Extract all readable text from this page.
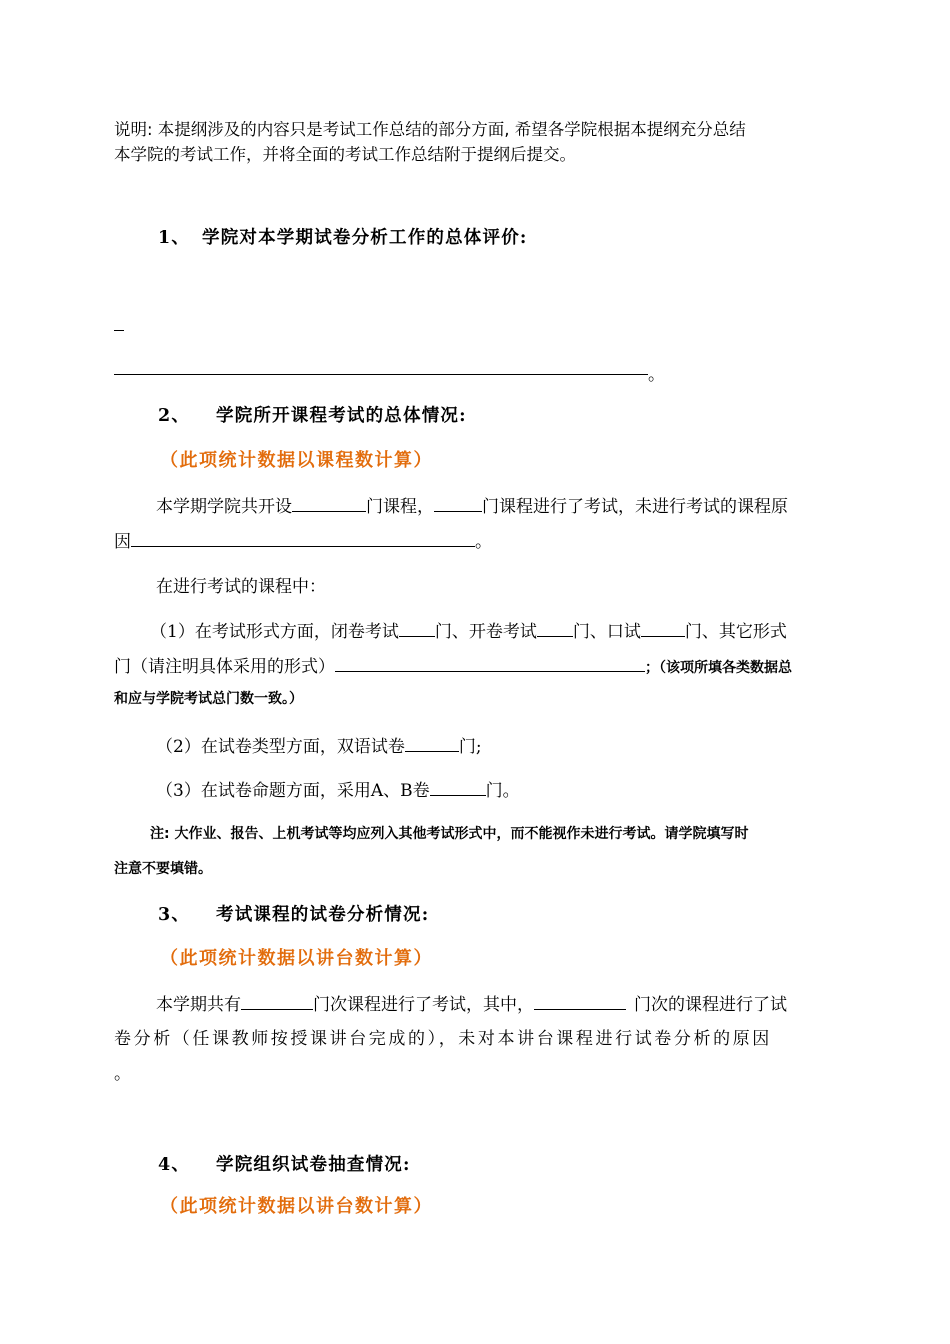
说明: 本提纲涉及的内容只是考试工作总结的部分方面, 希望各学院根据本提纲充分总结
本学院的考试工作，并将全面的考试工作总结附于提纲后提交。
1、 学院对本学期试卷分析工作的总体评价:
。
2、 学院所开课程考试的总体情况:
（此项统计数据以课程数计算）
本学期学院共开设	门课程，	门课程进行了考试，未进行考试的课程原
因	。
在进行考试的课程中：
（1）在考试形式方面，闭卷考试 门、开卷考试 门、口试	门、其它形式
门（请注明具体采用的形式）	；（该项所填各类数据总
和应与学院考试总门数一致。）
（2）在试卷类型方面，双语试卷	门;
（3）在试卷命题方面，采用A、B卷	门。
注: 大作业、报告、上机考试等均应列入其他考试形式中，而不能视作未进行考试。请学院填写时
注意不要填错。
3、 考试课程的试卷分析情况:
（此项统计数据以讲台数计算）
本学期共有	门次课程进行了考试，其中，	门次的课程进行了试
卷分析（任课教师按授课讲台完成的），未对本讲台课程进行试卷分析的原因
。
4、 学院组织试卷抽查情况:
（此项统计数据以讲台数计算）
